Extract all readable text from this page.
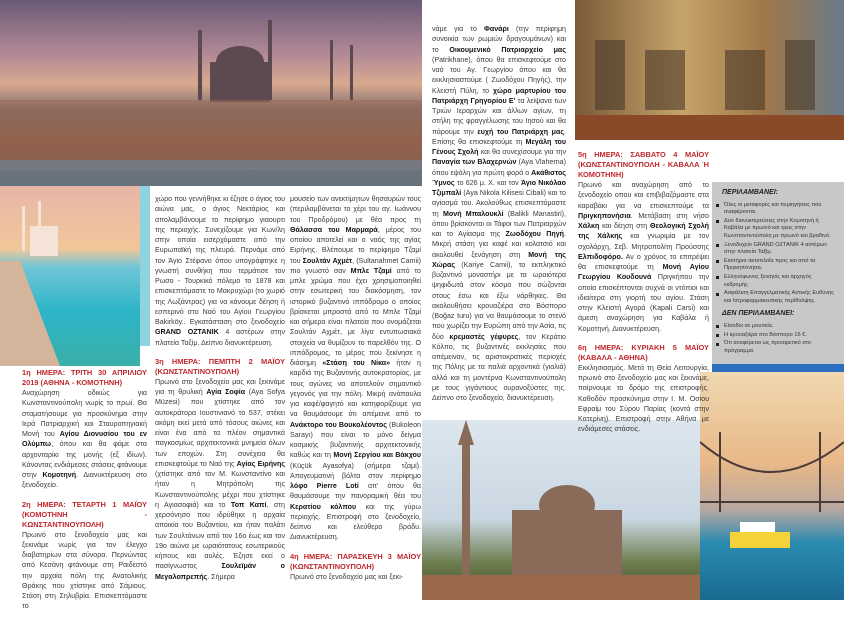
1η ΗΜΕΡΑ: ΤΡΙΤΗ 30 ΑΠΡΙΛΙΟΥ 2019 (ΑΘΗΝΑ - ΚΟΜΟΤΗΝΗ)

Αναχώρηση οδικώς για Κωνσταντινούπολη νωρίς το πρωί. Θα σταματήσουμε για προσκύνημα στην Ιερά Πατριαρχική και Σταυροπηγιακή Μονή του Αγίου Διονυσίου του εν Ολύμπω, όπου και θα φάμε στα αρχονταρίκι της μονής (εξ ιδίων). Κάνοντας ενδιάμεσες στάσεις φτάνουμε στην Κομοτηνή. Διανυκτέρευση στο ξενοδοχείο.

2η ΗΜΕΡΑ: ΤΕΤΑΡΤΗ 1 ΜΑΪΟΥ (ΚΟΜΟΤΗΝΗ - ΚΩΝΣΤΑΝΤΙΝΟΥΠΟΛΗ)

Πρωινό στο ξενοδοχείο μας και ξεκινάμε νωρίς για τον έλεγχο διαβατηρίων στα σύνορα. Περνώντας από Κεσάνη φτάνουμε στη Ραιδεστό την αρχαία πόλη της Ανατολικής Θράκης που χτίστηκε από Σάμιους. Στάση στη Σηλυβρία. Επισκεπτόμαστε το

χώρο που γεννήθηκε κι έζησε ο άγιος του αιώνα μας, ο άγιος Νεκτάριος και απολαμβάνουμε το περίφημο γιαουρτι της περιοχής. Συνεχίζουμε για Κων/λη στην οποία εισερχόμαστε από την Ευρωπαϊκή της πλευρά. Περνάμε από τον Άγιο Στέφανο όπου υπογράφτηκε η γνωστή συνθήκη που τερμάτισε τον Ρωσο - Τουρκικό πόλεμο το 1878 και επισκεπτόμαστε το Μακρυχώρι (το χωριό της Λωξάντρας) για να κάνουμε δέηση ή εσπερινό στο Ναό του Αγίου Γεωργίου Bakirköy.. Εγκατάσταση στο ξενοδοχείο GRAND OZTANIK 4 αστέρων στην πλατεία Ταξίμ. Δείπνο διανυκτέρευση.

3η ΗΜΕΡΑ: ΠΕΜΠΤΗ 2 ΜΑΪΟΥ (ΚΩΝΣΤΑΝΤΙΝΟΥΠΟΛΗ)

Πρωινό στο ξενοδοχείο μας και ξεκινάμε για τη θρυλική Αγία Σοφία (Aya Sofya Müzesi) που χτίστηκε από τον αυτοκράτορα Ιουστινιανό το 537, στέκει ακόμη εκεί μετά από τόσους αιώνες και είναι ένα από τα πλέον σημαντικά παγκοσμίως αρχιτεκτονικά μνημεία όλων των εποχών. Στη συνέχεια θα επισκεφτούμε το Ναό της Αγίας Ειρήνης (χτίστηκε από τον Μ. Κωνσταντίνο και ήταν η Μητρόπολη της Κωνσταντινούπολης μέχρι που χτίστηκε η Αγιασοφιά) και το Τοπ Καπί, στη χερσόνησο που ιδρύθηκε η αρχαία αποικία του Βυζαντίου, και ήταν παλάτι των Σουλτάνων από τον 16ο έως και τον 19ο αιώνα με ωραιότατους εσωτερικούς κήπους και αυλές. Έζησε εκεί ο πασίγνωστος Σουλεϊμάν ο Μεγαλοπρεπής. Σήμερα

μουσείο των ανεκτίμητων θησαυρών τους (περιλαμβάνεται το χέρι του αγ. Ιωάννου του Προδρόμου) με θέα προς τη Θάλασσα του Μαρμαρά, μέρος του οποίου αποτελεί και ο ναός της αγίας Ειρήνης. Βλέπουμε το περίφημο Τζαμί του Σουλτάν Αχμέτ, (Sultanahmet Camii) πιο γνωστό σαν Μπλε Τζαμί από το μπλε χρώμα που έχει χρησιμοποιηθεί στην εσωτερική του διακόσμηση, τον ιστορικό βυζαντινό ιππόδρομο ο οποίος βρίσκεται μπροστά από το Μπλε Τζαμί και σήμερα είναι πλατεία που ονομάζεται Σουλτάν Αχμέτ, με λίγα εντυπωσιακά στοιχεία να θυμίζουν το παρελθόν της. Ο ιππόδρομος, το μέρος που ξεκίνησε η διάσημη «Στάση του Νίκα» ήταν η καρδιά της Βυζαντινής αυτοκρατορίας, με τους αγώνες να αποτελούν σημαντικό γεγονός για την πόλη. Μικρή ανάπαυλα για καφέ/φαγητό και κατηφορίζουμε για να θαυμάσουμε ότι απέμεινε από το Ανάκτορο του Βουκολέοντος (Bukoleon Sarayı) που είναι το μόνο δείγμα κοσμικής βυζαντινής αρχιτεκτονικής καθώς και τη Μονή Σεργίου και Βάκχου (Küçük Ayasofya) (σήμερα τζαμί). Απογευματινή βόλτα στον περίφημο λόφο Pierre Loti απ' όπου θα θαυμάσουμε την πανοραμική θέα του Κερατίου κόλπου και της γύρω περιοχής. Επιστροφή στο ξενοδοχείο, δείπνο και ελεύθερο βράδυ. Διανυκτέρευση.

4η ΗΜΕΡΑ: ΠΑΡΑΣΚΕΥΗ 3 ΜΑΪΟΥ (ΚΩΝΣΤΑΝΤΙΝΟΥΠΟΛΗ)

Πρωινό στο ξενοδοχείο μας και ξεκι-

νάμε για το Φανάρι (την περίφημη συνοικία των ρωμιών δραγουμάνων) και το Οικουμενικό Πατριαρχείο μας (Patrikhane), όπου θα επισκεφτούμε στο ναό του Αγ. Γεωργίου όπου και θα εκκλησιαστούμε ( Ζωοδόχου Πηγής), την Κλειστή Πύλη, το χώρο μαρτυρίου του Πατριάρχη Γρηγορίου Ε' τα λείψανα των Τριών Ιεραρχών και άλλων αγίων, τη στήλη της φραγγέλωσης του Ιησού και θα πάρουμε την ευχή του Πατριάρχη μας. Επίσης θα επισκεφτούμε τη Μεγάλη του Γένους Σχολή και θα συνεχίσουμε για την Παναγία των Βλαχερνών (Aya Vlaherna) όπου εψάλη για πρώτη φορά ο Ακάθιστος Ύμνος το 626 μ. Χ. και τον Άγιο Νικόλαο Τζιμπαλί (Aya Nikola Kilisesi Cibali) και το αγίασμά του. Ακολούθως επισκεπτόμαστε τη Μονή Μπαλουκλί (Balikli Manastiri), όπου βρίσκονται οι Τάφοι των Πατριαρχών και το Αγίασμα της Ζωοδόχου Πηγή. Μικρή στάση για καφέ και κολατσιό και ακολουθεί ξενάγηση στη Μονή της Χώρας (Kariye Camii), το εκπληκτικό βυζαντινό μοναστήρι με τα ωραιότερα ψηφιδωτά στον κόσμο που σώζονται στους έσω και έξω νάρθηκες. Θα ακολουθήσει κρουαζιέρα στο Βόσπορο (Boğaz turu) για να θαυμάσουμε το στενό που χωρίζει την Ευρώπη από την Ασία, τις δύο κρεμαστές γέφυρες, τον Κεράτιο Κόλπο, τις βυζαντινές εκκλησίες που απέμειναν, τις αριστοκρατικές περιοχές της Πόλης με τα παλιά αρχοντικά (γιαλιά) αλλά και τη μοντέρνα Κωνσταντινούπολη με τους γιγάντιους ουρανοξύστες της. Δείπνο στο ξενοδοχείο, διανυκτέρευση.

5η ΗΜΕΡΑ: ΣΑΒΒΑΤΟ 4 ΜΑΪΟΥ (ΚΩΝΣΤΑΝΤΙΝΟΥΠΟΛΗ - ΚΑΒΑΛΑ Ή ΚΟΜΟΤΗΝΗ)

Πρωινό και αναχώρηση από το ξενοδοχείο οπου και επιβιβαζόμαστε στα καραβάκι για να επισκεπτούμε τα Πριγκηπονήσια. Μετάβαση στη νήσο Χάλκη και δέηση στη Θεολογική Σχολή της Χάλκης και γνωριμία με τον σχολάρχη, Σεβ. Μητροπολίτη Προύσσης Ελπιδοφόρο. Αν ο χρόνος το επιτρέψει θα επισκεφτούμε τη Μονή Αγίου Γεωργίου Κουδουνά Πριγκήπου την οποία επισκέπτονται συχνά οι ντόπιοι και ιδιαίτερα στη γιορτή του αγίου. Στάση στην Κλειστή Αγορά (Kapali Carsi) και άμεση αναχώρηση για Καβάλα ή Κομοτηνή. Διανυκτέρευση.

6η ΗΜΕΡΑ: ΚΥΡΙΑΚΗ 5 ΜΑΪΟΥ (ΚΑΒΑΛΑ - ΑΘΗΝΑ)

Εκκλησιασμός. Μετά τη Θεία Λειτουργία, πρωινό στο ξενοδοχείο μας και ξεκινάμε, παίρνουμε το δρόμο της επιστροφής. Καθοδόν προσκύνημα στην Ι. Μ. Οσίου Εφραίμ του Σύρου Παρίας (κοντά στην Κατερίνη). Επιστροφή στην Αθήνα με ενδιάμεσες στάσεις.

ΠΕΡΙΛΑΜΒΑΝΕΙ:
Όλες οι μεταφορές και περιηγήσεις που αναφέρονται.
Δύο διανυκτερεύσεις στην Κομοτηνή ή Καβάλα με πρωινό και τρεις στην Κωνσταντινούπολη με πρωινό και βραδινό.
Ξενοδοχείο GRAND OZTANIK 4 αστέρων στην πλατεία Ταξίμ.
Εισιτήρια ακτοπλοΐα προς και από τα Πριγκηπόνησα.
Ελληνόφωνος ξεναγός και αρχηγός εκδρομής.
Ασφάλιση Επαγγελματικής Αστικής Ευθύνης και Ιατροφαρμακευτικής περίθαλψης.
ΔΕΝ ΠΕΡΙΛΑΜΒΑΝΕΙ:
Είσοδοι σε μουσεία.
Η κρουαζιέρα στο Βόσπορο 15 €.
Ότι αναφέρεται ως προαιρετικό στο πρόγραμμα.
